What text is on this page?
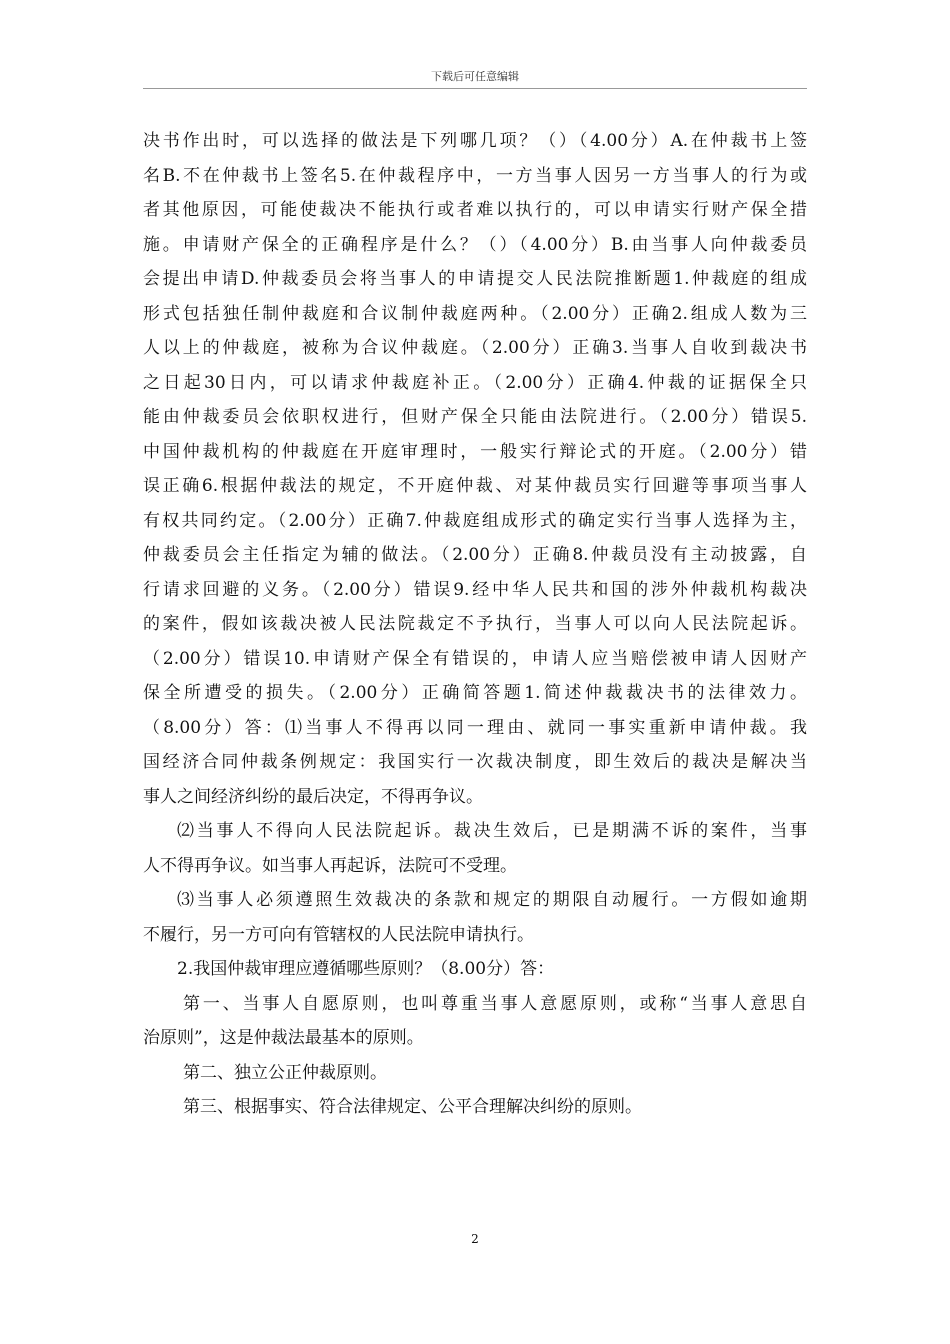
下载后可任意编辑
决书作出时，可以选择的做法是下列哪几项？（）（4.00分）A.在仲裁书上签
名B.不在仲裁书上签名5.在仲裁程序中，一方当事人因另一方当事人的行为或
者其他原因，可能使裁决不能执行或者难以执行的，可以申请实行财产保全措
施。申请财产保全的正确程序是什么？（）（4.00分）B.由当事人向仲裁委员
会提出申请D.仲裁委员会将当事人的申请提交人民法院推断题1.仲裁庭的组成
形式包括独任制仲裁庭和合议制仲裁庭两种。（2.00分）正确2.组成人数为三
人以上的仲裁庭，被称为合议仲裁庭。（2.00分）正确3.当事人自收到裁决书
之日起30日内，可以请求仲裁庭补正。（2.00分）正确4.仲裁的证据保全只
能由仲裁委员会依职权进行，但财产保全只能由法院进行。（2.00分）错误5.
中国仲裁机构的仲裁庭在开庭审理时，一般实行辩论式的开庭。（2.00分）错
误正确6.根据仲裁法的规定，不开庭仲裁、对某仲裁员实行回避等事项当事人
有权共同约定。（2.00分）正确7.仲裁庭组成形式的确定实行当事人选择为主，
仲裁委员会主任指定为辅的做法。（2.00分）正确8.仲裁员没有主动披露，自
行请求回避的义务。（2.00分）错误9.经中华人民共和国的涉外仲裁机构裁决
的案件，假如该裁决被人民法院裁定不予执行，当事人可以向人民法院起诉。
（2.00分）错误10.申请财产保全有错误的，申请人应当赔偿被申请人因财产
保全所遭受的损失。（2.00分）正确简答题1.简述仲裁裁决书的法律效力。
（8.00分）答：⑴当事人不得再以同一理由、就同一事实重新申请仲裁。我
国经济合同仲裁条例规定：我国实行一次裁决制度，即生效后的裁决是解决当
事人之间经济纠纷的最后决定，不得再争议。
⑵当事人不得向人民法院起诉。裁决生效后，已是期满不诉的案件，当事
人不得再争议。如当事人再起诉，法院可不受理。
⑶当事人必须遵照生效裁决的条款和规定的期限自动履行。一方假如逾期
不履行，另一方可向有管辖权的人民法院申请执行。
2.我国仲裁审理应遵循哪些原则？（8.00分）答：
第一、当事人自愿原则，也叫尊重当事人意愿原则，或称“当事人意思自
治原则”，这是仲裁法最基本的原则。
第二、独立公正仲裁原则。
第三、根据事实、符合法律规定、公平合理解决纠纷的原则。
2
